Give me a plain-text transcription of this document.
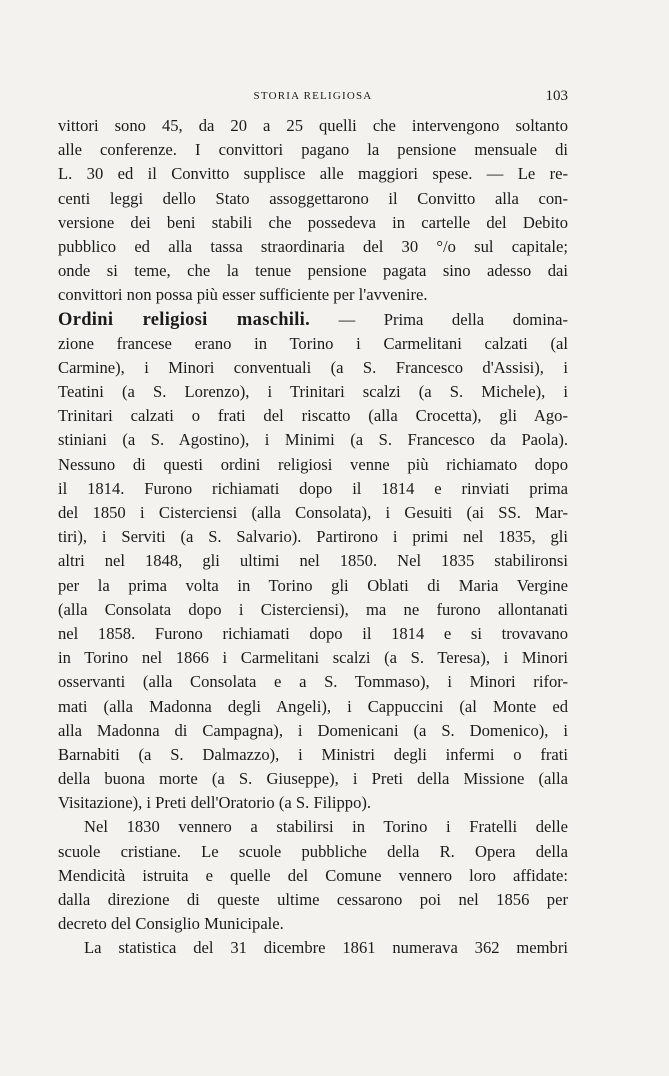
STORIA RELIGIOSA	103
vittori sono 45, da 20 a 25 quelli che intervengono soltanto
alle conferenze. I convittori pagano la pensione mensuale di
L. 30 ed il Convitto supplisce alle maggiori spese. — Le re-
centi leggi dello Stato assoggettarono il Convitto alla con-
versione dei beni stabili che possedeva in cartelle del Debito
pubblico ed alla tassa straordinaria del 30 °/o sul capitale;
onde si teme, che la tenue pensione pagata sino adesso dai
convittori non possa più esser sufficiente per l'avvenire.
Ordini religiosi maschili. — Prima della domina-
zione francese erano in Torino i Carmelitani calzati (al
Carmine), i Minori conventuali (a S. Francesco d'Assisi), i
Teatini (a S. Lorenzo), i Trinitari scalzi (a S. Michele), i
Trinitari calzati o frati del riscatto (alla Crocetta), gli Ago-
stiniani (a S. Agostino), i Minimi (a S. Francesco da Paola).
Nessuno di questi ordini religiosi venne più richiamato dopo
il 1814. Furono richiamati dopo il 1814 e rinviati prima
del 1850 i Cisterciensi (alla Consolata), i Gesuiti (ai SS. Mar-
tiri), i Serviti (a S. Salvario). Partirono i primi nel 1835, gli
altri nel 1848, gli ultimi nel 1850. Nel 1835 stabilironsi
per la prima volta in Torino gli Oblati di Maria Vergine
(alla Consolata dopo i Cisterciensi), ma ne furono allontanati
nel 1858. Furono richiamati dopo il 1814 e si trovavano
in Torino nel 1866 i Carmelitani scalzi (a S. Teresa), i Minori
osservanti (alla Consolata e a S. Tommaso), i Minori rifor-
mati (alla Madonna degli Angeli), i Cappuccini (al Monte ed
alla Madonna di Campagna), i Domenicani (a S. Domenico), i
Barnabiti (a S. Dalmazzo), i Ministri degli infermi o frati
della buona morte (a S. Giuseppe), i Preti della Missione (alla
Visitazione), i Preti dell'Oratorio (a S. Filippo).
Nel 1830 vennero a stabilirsi in Torino i Fratelli delle
scuole cristiane. Le scuole pubbliche della R. Opera della
Mendicità istruita e quelle del Comune vennero loro affidate:
dalla direzione di queste ultime cessarono poi nel 1856 per
decreto del Consiglio Municipale.
La statistica del 31 dicembre 1861 numerava 362 membri
